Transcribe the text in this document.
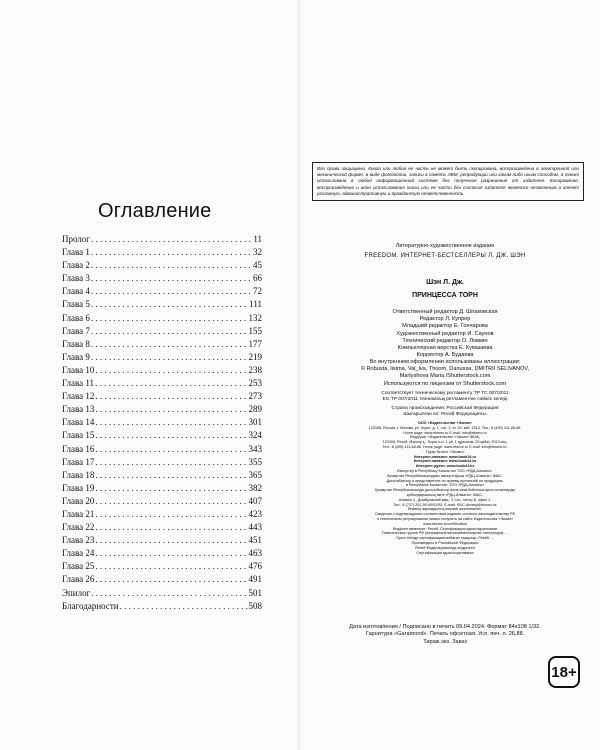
Оглавление
Пролог . . .	11
Глава 1 . . .	32
Глава 2 . . .	45
Глава 3 . . .	66
Глава 4 . . .	72
Глава 5 . . .	111
Глава 6 . . .	132
Глава 7 . . .	155
Глава 8 . . .	177
Глава 9 . . .	219
Глава 10 . . .	238
Глава 11 . . .	253
Глава 12 . . .	273
Глава 13 . . .	289
Глава 14 . . .	301
Глава 15 . . .	324
Глава 16 . . .	343
Глава 17 . . .	355
Глава 18 . . .	365
Глава 19 . . .	382
Глава 20 . . .	407
Глава 21 . . .	423
Глава 22 . . .	443
Глава 23 . . .	451
Глава 24 . . .	463
Глава 25 . . .	476
Глава 26 . . .	491
Эпилог . . .	501
Благодарности . . .	508
Все права защищены. Книга или любая ее часть не может быть скопирована, воспроизведена в электронной или механической форме, в виде фотокопии, записи в память ЭВМ, репродукции или каким-либо иным способом, а также использована в любой информационной системе без получения разрешения от издателя. Копирование, воспроизведение и иное использование книги или ее части без согласия издателя является незаконным и влечет уголовную, административную и гражданскую ответственность.
Литературно-художественное издание
FREEDOM. ИНТЕРНЕТ-БЕСТСЕЛЛЕРЫ Л. ДЖ. ШЭН
Шэн Л. Дж.
ПРИНЦЕССА ТОРН
Ответственный редактор Д. Шпаковская
Редактор Л. Купрер
Младший редактор Е. Гончарова
Художественный редактор И. Саунов
Технический редактор О. Ловкин
Компьютерная верстка Е. Кумшаева
Корректор А. Будаева
Во внутреннем оформлении использованы иллюстрации:
© Robusta, lisima, Val_lva, Thoom, Danussa, DMITRII SELIVANOV,
Martyshova Maria /Shutterstock.com
Используются по лицензии от Shutterstock.com
Соответствует техническому регламенту ТР ТС 007/2011
ЕО ТР 007/2011 техникалық регламентіне сәйкес келеді
Страна происхождения: Российская Федерация
Шығарылған ел: Ресей Федерациясы
ООО «Издательство «Эксмо»
123308, Россия, г. Москва, ул. Зорге, д. 1, стр. 1, эт. 20, каб. 2013. Тел.: 8 (495) 411-68-86.
Home page: www.eksmo.ru E-mail: info@eksmo.ru
Өндіруші: «Издательство «Эксмо» ЖШҚ,
123308, Ресей, Мәскеу қ., Зорге к-сі, 1 үй, 1 құрылым, 20 қабат, 2013 кең.
Тел.: 8 (495) 411-68-86. Home page: www.eksmo.ru E-mail: info@eksmo.ru.
Тауар белгісі: «Эксмо»
Интернет-магазин: www.book24.ru
Интернет-магазин: www.book24.kz
Интернет-дүкен: www.book24.kz
Импортёр в Республику Казахстан ТОО «РДЦ-Алматы».
Қазақстан Республикасындағы импорттаушы «РДЦ-Алматы» ЖШС.
Дистрибьютор и представитель по приему претензий на продукцию,
в Республике Казахстан: ТОО «РДЦ-Алматы»
Қазақстан Республикасында дистрибьютор және өнім бойынша арыз-талаптарды
қабылдаушының өкілі «РДЦ-Алматы» ЖШС,
Алматы қ., Домбровский көш., 3 «а», литер Б, офис 1.
Тел.: 8 (727) 251-59-90/91/92; E-mail: RDC-Almaty@eksmo.kz
Өнімнің жарамдылық мерзімі шектелмеген.
Сведения о подтверждении соответствия издания согласно законодательству РФ
о техническом регулировании можно получить на сайте Издательства «Эксмо»
www.eksmo.ru/certification
Өндірген мемлекет: Ресей. Сертификация қарастырылмаған
Тематическая группа РФ (неомаргиналистика/ментальная литература): ...
Орыс тілінде сертификацияланбаған тауарлар. Ресей: ...
Произведено в Российской Федерации
Ресей Федерациясында өндірілген
Сертификация қарастырылмаған
Дата изготовления / Подписано в печать 09.04.2024. Формат 84x108 1/32.
Гарнитура «Garamond». Печать офсетная. Усл. печ. л. 26,88.
Тираж экз. Заказ
18+
